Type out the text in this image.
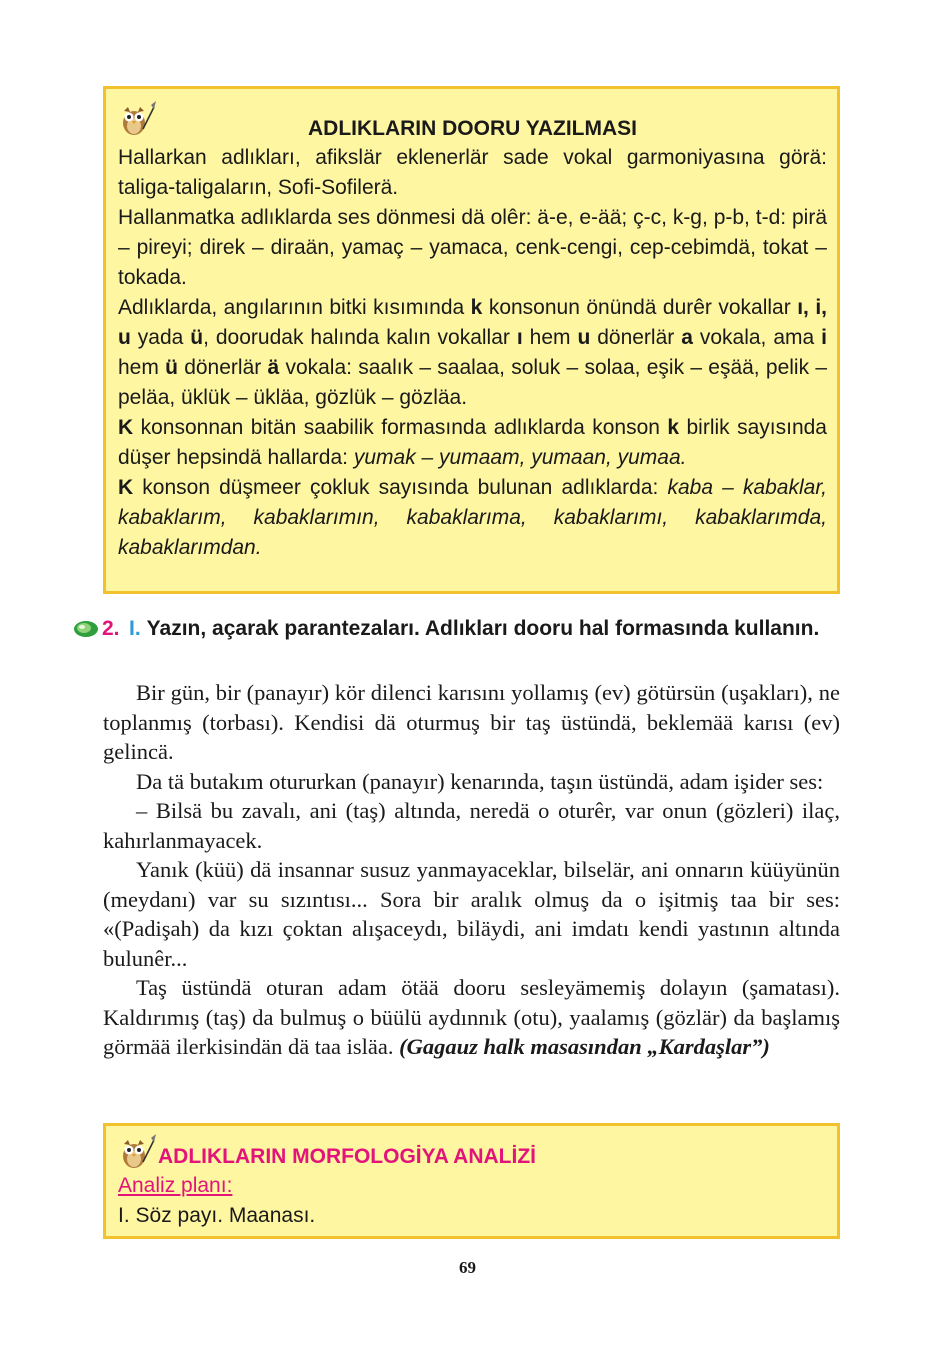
ADLIKLARIN DOORU YAZILMASI

Hallarkan adlıkları, afikslär eklenerlär sade vokal garmoniyasına görä: taliga-taligaların, Sofi-Sofilerä.

Hallanmatka adlıklarda ses dönmesi dä olêr: ä-e, e-ää; ç-c, k-g, p-b, t-d: pirä – pireyi; direk – diraän, yamaç – yamaca, cenk-cengi, cep-cebimdä, tokat – tokada.

Adlıklarda, angılarının bitki kısımında k konsonun önündä durêr vokallar ı, i, u yada ü, doorudak halında kalın vokallar ı hem u dönerlär a vokala, ama i hem ü dönerlär ä vokala: saalık – saalaa, soluk – solaa, eşik – eşää, pelik – peläa, üklük – ükläa, gözlük – gözläa.

K konsonnan bitän saabilik formasında adlıklarda konson k birlik sayısında düşer hepsindä hallarda: yumak – yumaam, yumaan, yumaa.

K konson düşmeer çokluk sayısında bulunan adlıklarda: kaba – kabaklar, kabaklarım, kabaklarımın, kabaklarıma, kabaklarımı, kabaklarımda, kabaklarımdan.

2. I. Yazın, açarak parantezaları. Adlıkları dooru hal formasında kullanın.

Bir gün, bir (panayır) kör dilenci karısını yollamış (ev) götürsün (uşakları), ne toplanmış (torbası). Kendisi dä oturmuş bir taş üstündä, beklemää karısı (ev) gelincä.

Da tä butakım otururkan (panayır) kenarında, taşın üstündä, adam işider ses:

– Bilsä bu zavalı, ani (taş) altında, neredä o oturêr, var onun (gözleri) ilaç, kahırlanmayacek.

Yanık (küü) dä insannar susuz yanmayaceklar, bilselär, ani onnarın küüyünün (meydanı) var su sızıntısı... Sora bir aralık olmuş da o işitmiş taa bir ses: «(Padişah) da kızı çoktan alışaceydı, biläydi, ani imdatı kendi yastının altında bulunêr...

Taş üstündä oturan adam ötää dooru sesleyämemiş dolayın (şamatası). Kaldırımış (taş) da bulmuş o büülü aydınnık (otu), yaalamış (gözlär) da başlamış görmää ilerkisindän dä taa isläa. (Gagauz halk masasından „Kardaşlar”)

ADLIKLARIN MORFOLOGİYA ANALİZİ

Analiz planı:

I. Söz payı. Maanası.

69
